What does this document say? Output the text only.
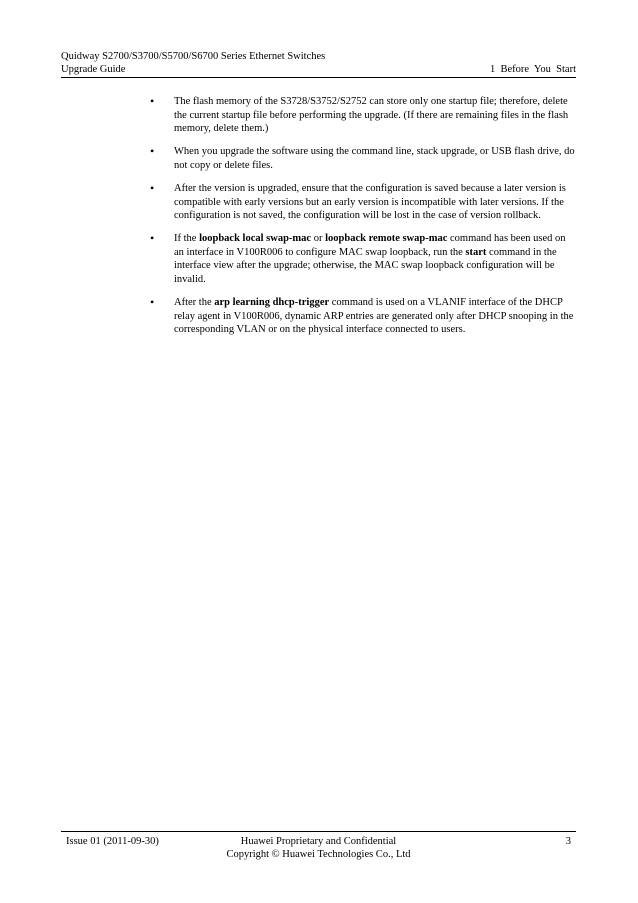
Quidway S2700/S3700/S5700/S6700 Series Ethernet Switches
Upgrade Guide	1  Before  You  Start
•	The flash memory of the S3728/S3752/S2752 can store only one startup file; therefore, delete the current startup file before performing the upgrade. (If there are remaining files in the flash memory, delete them.)
•	When you upgrade the software using the command line, stack upgrade, or USB flash drive, do not copy or delete files.
•	After the version is upgraded, ensure that the configuration is saved because a later version is compatible with early versions but an early version is incompatible with later versions. If the configuration is not saved, the configuration will be lost in the case of version rollback.
•	If the loopback local swap-mac or loopback remote swap-mac command has been used on an interface in V100R006 to configure MAC swap loopback, run the start command in the interface view after the upgrade; otherwise, the MAC swap loopback configuration will be invalid.
•	After the arp learning dhcp-trigger command is used on a VLANIF interface of the DHCP relay agent in V100R006, dynamic ARP entries are generated only after DHCP snooping in the corresponding VLAN or on the physical interface connected to users.
Issue 01 (2011-09-30)	Huawei Proprietary and Confidential
Copyright © Huawei Technologies Co., Ltd
3
